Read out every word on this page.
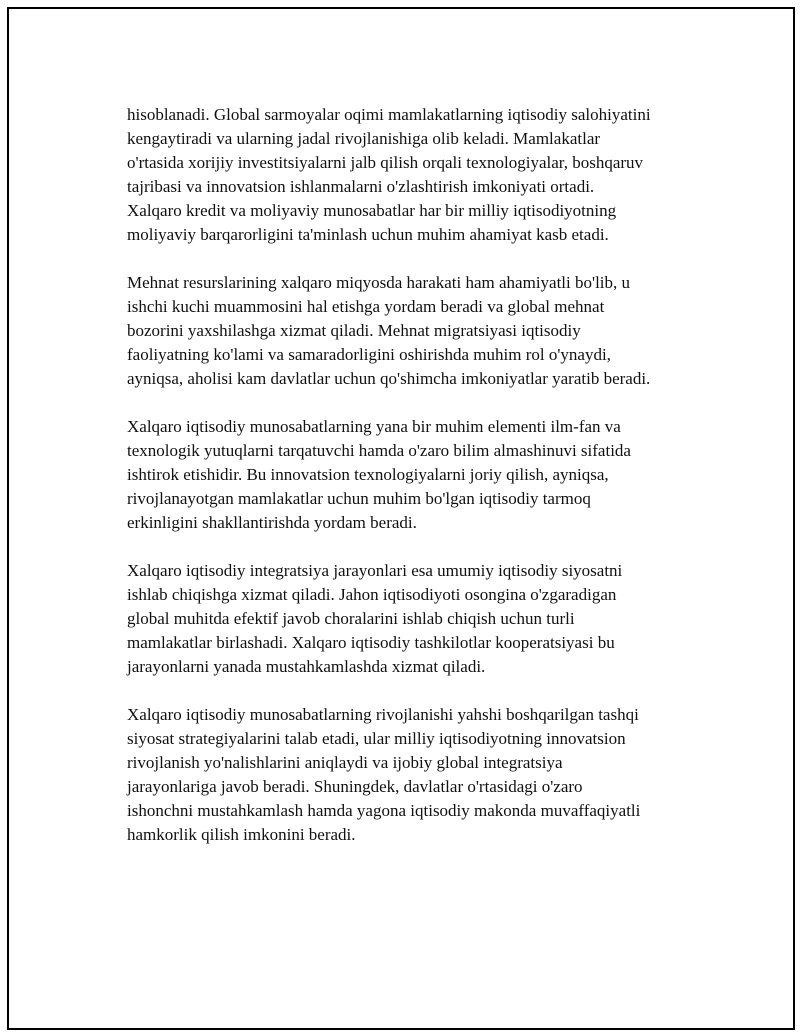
hisoblanadi. Global sarmoyalar oqimi mamlakatlarning iqtisodiy salohiyatini
kengaytiradi va ularning jadal rivojlanishiga olib keladi. Mamlakatlar
o'rtasida xorijiy investitsiyalarni jalb qilish orqali texnologiyalar, boshqaruv
tajribasi va innovatsion ishlanmalarni o'zlashtirish imkoniyati ortadi.
Xalqaro kredit va moliyaviy munosabatlar har bir milliy iqtisodiyotning
moliyaviy barqarorligini ta'minlash uchun muhim ahamiyat kasb etadi.

Mehnat resurslarining xalqaro miqyosda harakati ham ahamiyatli bo'lib, u
ishchi kuchi muammosini hal etishga yordam beradi va global mehnat
bozorini yaxshilashga xizmat qiladi. Mehnat migratsiyasi iqtisodiy
faoliyatning ko'lami va samaradorligini oshirishda muhim rol o'ynaydi,
ayniqsa, aholisi kam davlatlar uchun qo'shimcha imkoniyatlar yaratib beradi.

Xalqaro iqtisodiy munosabatlarning yana bir muhim elementi ilm-fan va
texnologik yutuqlarni tarqatuvchi hamda o'zaro bilim almashinuvi sifatida
ishtirok etishidir. Bu innovatsion texnologiyalarni joriy qilish, ayniqsa,
rivojlanayotgan mamlakatlar uchun muhim bo'lgan iqtisodiy tarmoq
erkinligini shakllantirishda yordam beradi.

Xalqaro iqtisodiy integratsiya jarayonlari esa umumiy iqtisodiy siyosatni
ishlab chiqishga xizmat qiladi. Jahon iqtisodiyoti osongina o'zgaradigan
global muhitda efektif javob choralarini ishlab chiqish uchun turli
mamlakatlar birlashadi. Xalqaro iqtisodiy tashkilotlar kooperatsiyasi bu
jarayonlarni yanada mustahkamlashda xizmat qiladi.

Xalqaro iqtisodiy munosabatlarning rivojlanishi yahshi boshqarilgan tashqi
siyosat strategiyalarini talab etadi, ular milliy iqtisodiyotning innovatsion
rivojlanish yo'nalishlarini aniqlaydi va ijobiy global integratsiya
jarayonlariga javob beradi. Shuningdek, davlatlar o'rtasidagi o'zaro
ishonchni mustahkamlash hamda yagona iqtisodiy makonda muvaffaqiyatli
hamkorlik qilish imkonini beradi.
